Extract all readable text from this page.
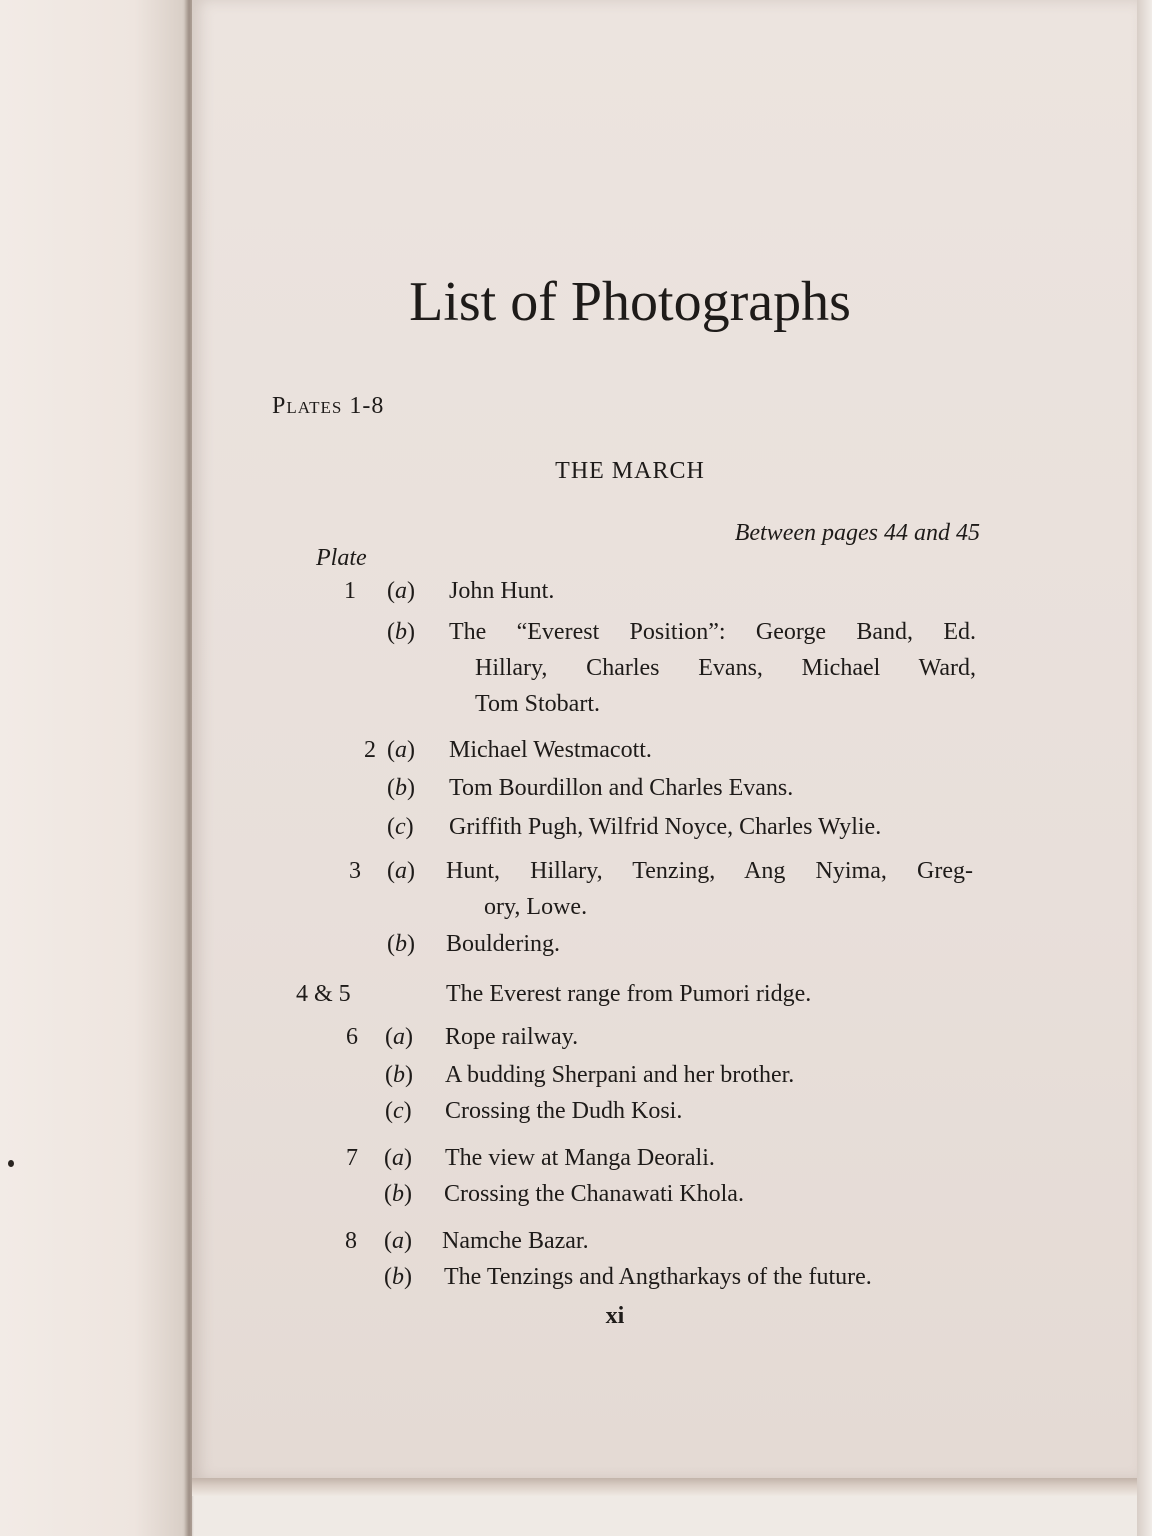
List of Photographs
Plates 1-8
THE MARCH
Between pages 44 and 45
Plate
1 (a) John Hunt.
(b) The “Everest Position”: George Band, Ed.
Hillary, Charles Evans, Michael Ward,
Tom Stobart.
2 (a) Michael Westmacott.
(b) Tom Bourdillon and Charles Evans.
(c) Griffith Pugh, Wilfrid Noyce, Charles Wylie.
3 (a) Hunt, Hillary, Tenzing, Ang Nyima, Greg-
ory, Lowe.
(b) Bouldering.
4 & 5	The Everest range from Pumori ridge.
6 (a) Rope railway.
(b) A budding Sherpani and her brother.
(c) Crossing the Dudh Kosi.
7 (a) The view at Manga Deorali.
(b) Crossing the Chanawati Khola.
8 (a) Namche Bazar.
(b) The Tenzings and Angtharkays of the future.
xi
